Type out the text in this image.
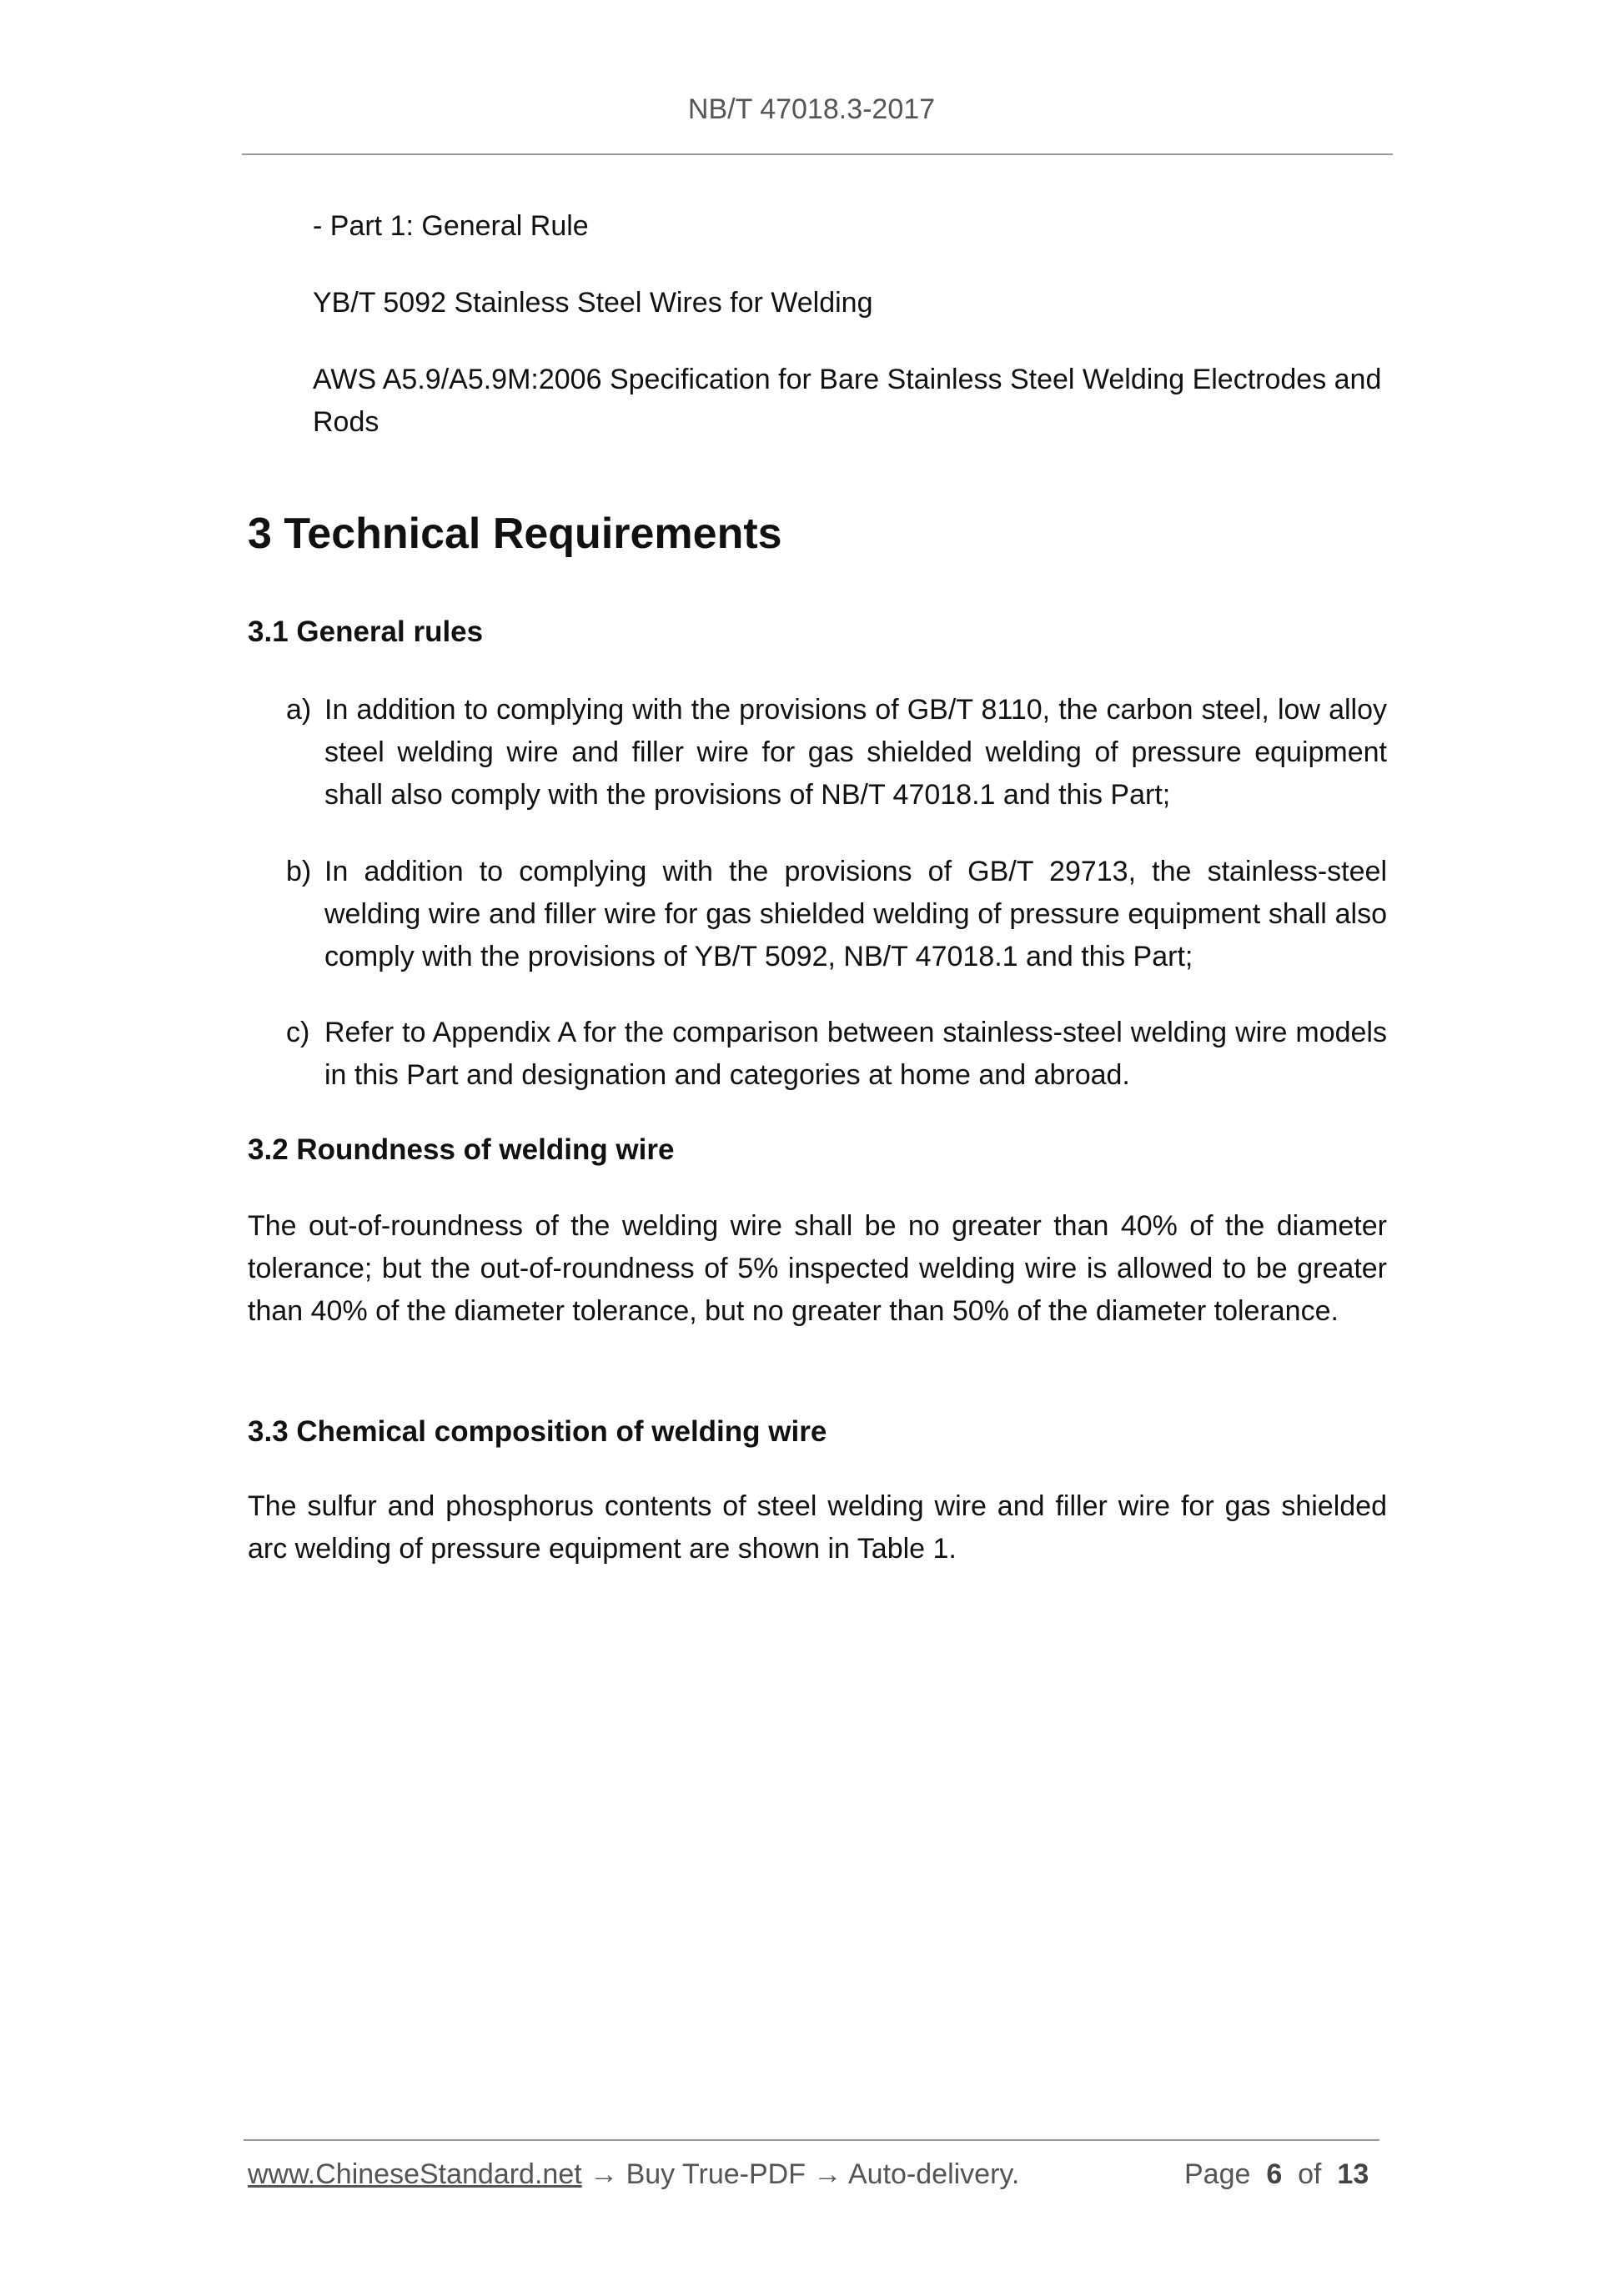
NB/T 47018.3-2017
- Part 1: General Rule
YB/T 5092 Stainless Steel Wires for Welding
AWS A5.9/A5.9M:2006 Specification for Bare Stainless Steel Welding Electrodes and Rods
3 Technical Requirements
3.1 General rules
a) In addition to complying with the provisions of GB/T 8110, the carbon steel, low alloy steel welding wire and filler wire for gas shielded welding of pressure equipment shall also comply with the provisions of NB/T 47018.1 and this Part;
b) In addition to complying with the provisions of GB/T 29713, the stainless-steel welding wire and filler wire for gas shielded welding of pressure equipment shall also comply with the provisions of YB/T 5092, NB/T 47018.1 and this Part;
c) Refer to Appendix A for the comparison between stainless-steel welding wire models in this Part and designation and categories at home and abroad.
3.2 Roundness of welding wire
The out-of-roundness of the welding wire shall be no greater than 40% of the diameter tolerance; but the out-of-roundness of 5% inspected welding wire is allowed to be greater than 40% of the diameter tolerance, but no greater than 50% of the diameter tolerance.
3.3 Chemical composition of welding wire
The sulfur and phosphorus contents of steel welding wire and filler wire for gas shielded arc welding of pressure equipment are shown in Table 1.
www.ChineseStandard.net → Buy True-PDF → Auto-delivery.	Page 6 of 13
